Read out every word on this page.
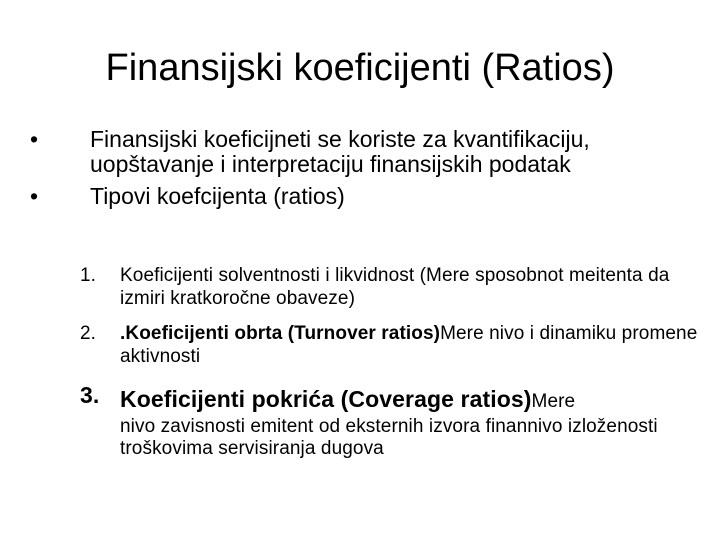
Finansijski koeficijenti (Ratios)
•	Finansijski koeficijneti se koriste za kvantifikaciju, uopštavanje i interpretaciju finansijskih podatak
•	Tipovi koefcijenta (ratios)
1.	Koeficijenti solventnosti i likvidnost (Mere sposobnot meitenta da izmiri kratkoročne obaveze)
2.	.Koeficijenti obrta (Turnover ratios)Mere nivo i dinamiku promene aktivnosti
3. Koeficijenti pokrića (Coverage ratios)Mere
nivo zavisnosti emitent od eksternih izvora finannivo izloženosti troškovima servisiranja dugova
